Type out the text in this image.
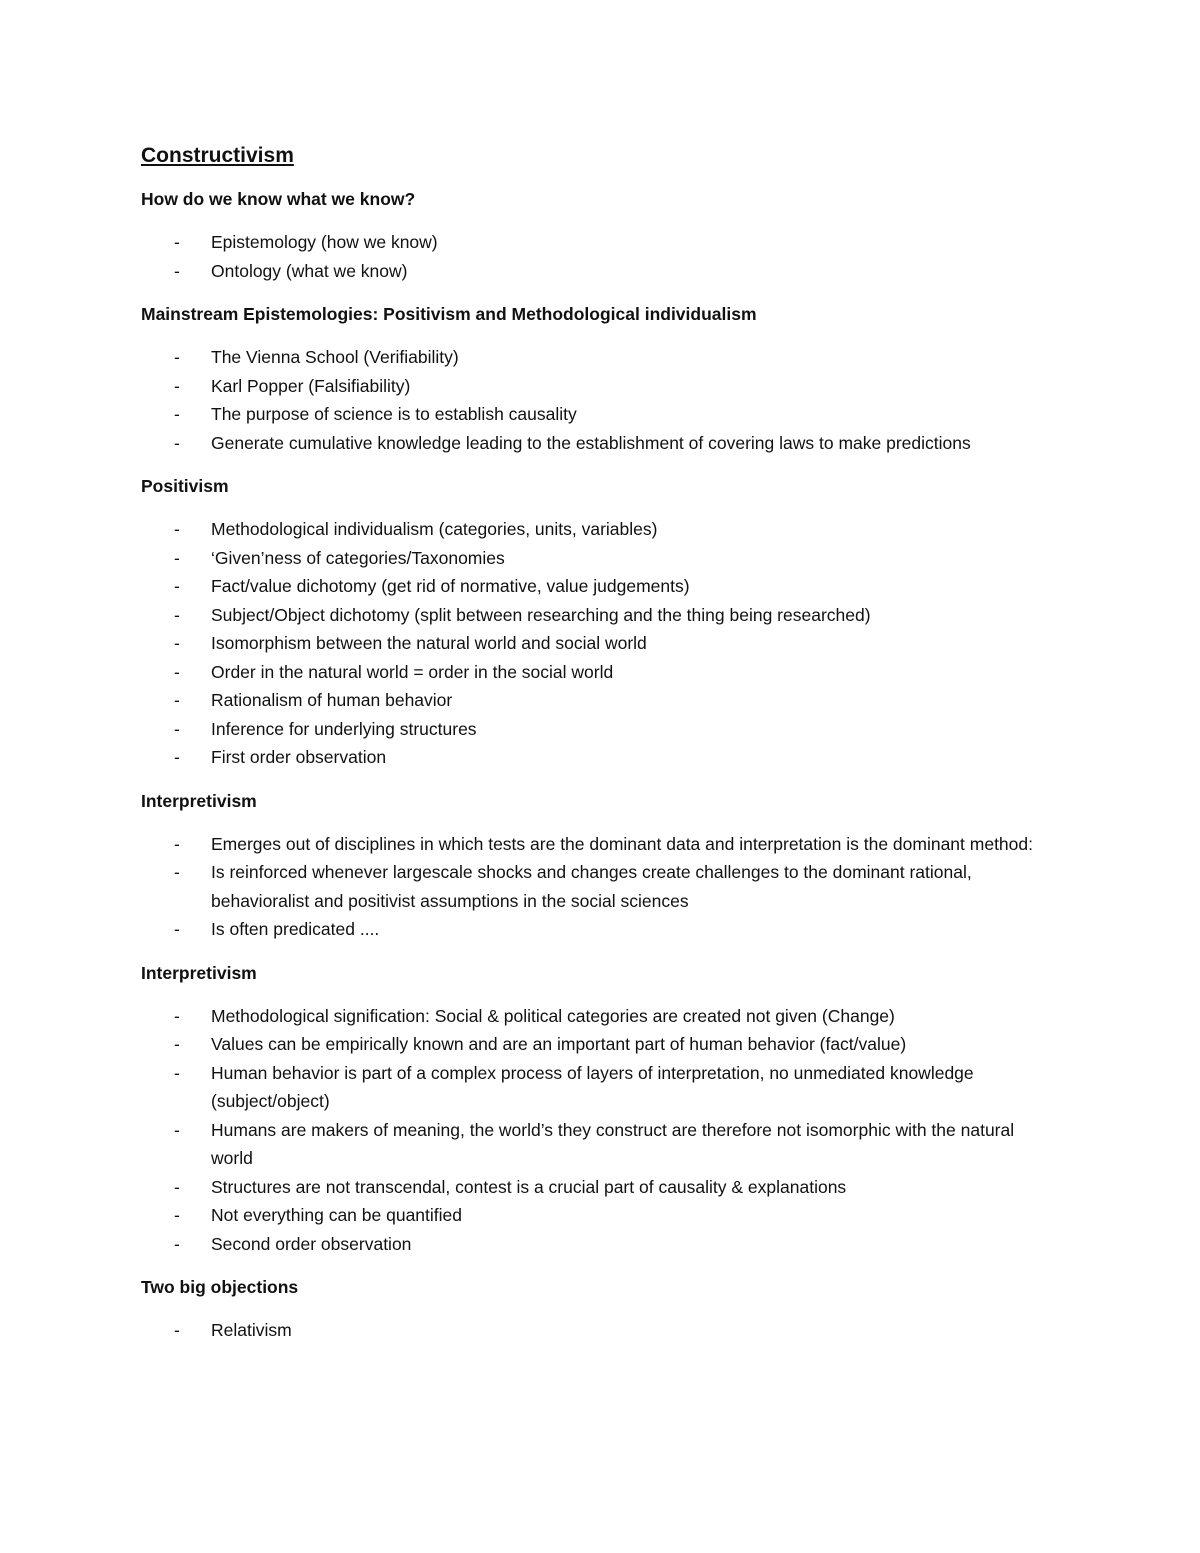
Constructivism
How do we know what we know?
- Epistemology (how we know)
- Ontology (what we know)
Mainstream Epistemologies: Positivism and Methodological individualism
- The Vienna School (Verifiability)
- Karl Popper (Falsifiability)
- The purpose of science is to establish causality
- Generate cumulative knowledge leading to the establishment of covering laws to make predictions
Positivism
- Methodological individualism (categories, units, variables)
- ‘Given’ness of categories/Taxonomies
- Fact/value dichotomy (get rid of normative, value judgements)
- Subject/Object dichotomy (split between researching and the thing being researched)
- Isomorphism between the natural world and social world
- Order in the natural world = order in the social world
- Rationalism of human behavior
- Inference for underlying structures
- First order observation
Interpretivism
- Emerges out of disciplines in which tests are the dominant data and interpretation is the dominant method:
- Is reinforced whenever largescale shocks and changes create challenges to the dominant rational, behavioralist and positivist assumptions in the social sciences
- Is often predicated ....
Interpretivism
- Methodological signification: Social & political categories are created not given (Change)
- Values can be empirically known and are an important part of human behavior (fact/value)
- Human behavior is part of a complex process of layers of interpretation, no unmediated knowledge (subject/object)
- Humans are makers of meaning, the world’s they construct are therefore not isomorphic with the natural world
- Structures are not transcendal, contest is a crucial part of causality & explanations
- Not everything can be quantified
- Second order observation
Two big objections
- Relativism
